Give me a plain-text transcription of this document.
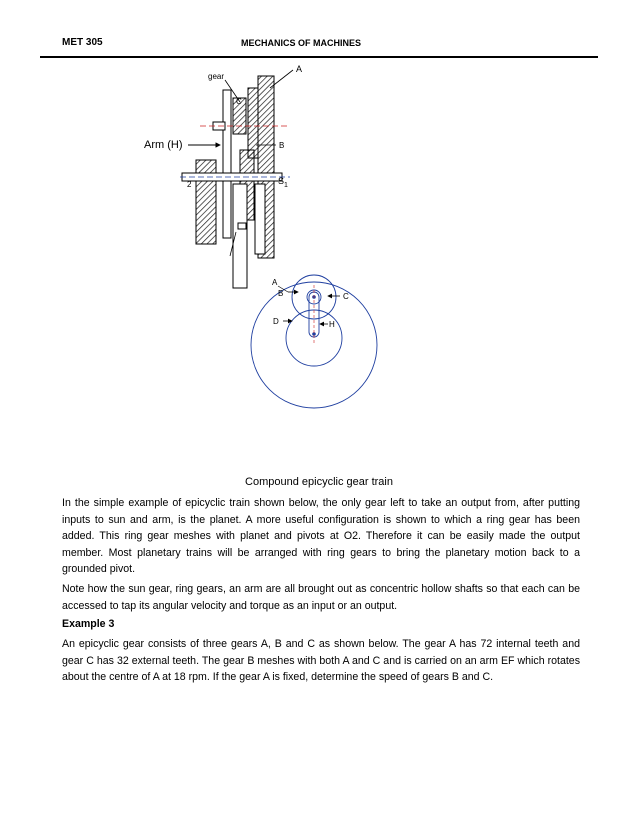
MET 305	MECHANICS OF MACHINES
gear
A
C
Arm (H)	B
2	$S_1$
A
B	C
D	H
Compound epicyclic gear train

In the simple example of epicyclic train shown below, the only gear left to take an output from, after putting inputs to sun and arm, is the planet. A more useful configuration is shown to which a ring gear has been added. This ring gear meshes with planet and pivots at O2. Therefore it can be easily made the output member. Most planetary trains will be arranged with ring gears to bring the planetary motion back to a grounded pivot.

Note how the sun gear, ring gears, an arm are all brought out as concentric hollow shafts so that each can be accessed to tap its angular velocity and torque as an input or an output.

Example 3

An epicyclic gear consists of three gears A, B and C as shown below. The gear A has 72 internal teeth and gear C has 32 external teeth. The gear B meshes with both A and C and is carried on an arm EF which rotates about the centre of A at 18 rpm. If the gear A is fixed, determine the speed of gears B and C.
